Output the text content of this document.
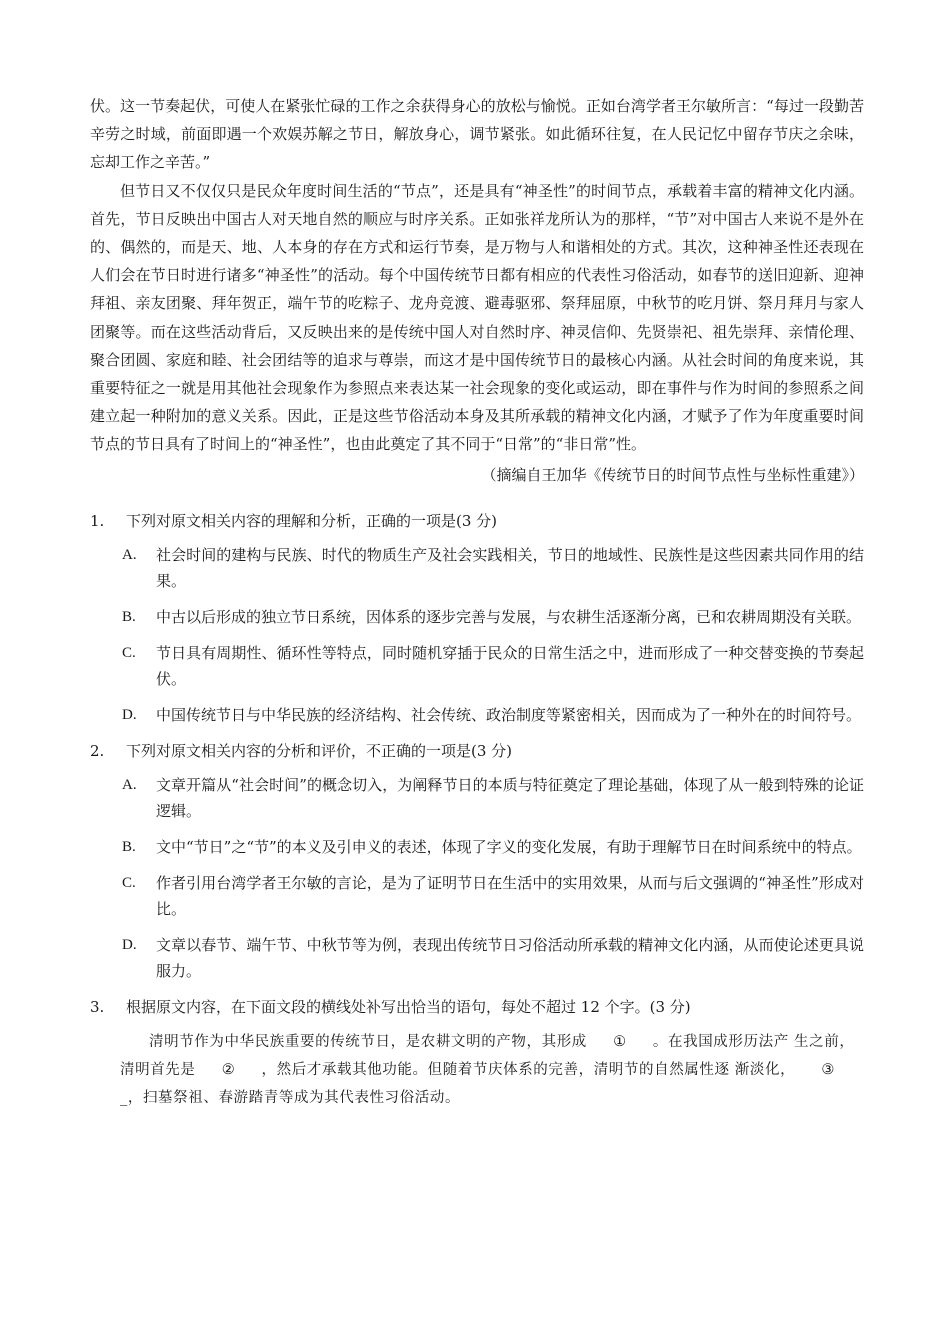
伏。这一节奏起伏，可使人在紧张忙碌的工作之余获得身心的放松与愉悦。正如台湾学者王尔敏所言：“每过一段勤苦辛劳之时域，前面即遇一个欢娱苏解之节日，解放身心，调节紧张。如此循环往复，在人民记忆中留存节庆之余味，忘却工作之辛苦。”

但节日又不仅仅只是民众年度时间生活的“节点”，还是具有“神圣性”的时间节点，承载着丰富的精神文化内涵。首先，节日反映出中国古人对天地自然的顺应与时序关系。正如张祥龙所认为的那样，“节”对中国古人来说不是外在的、偶然的，而是天、地、人本身的存在方式和运行节奏，是万物与人和谐相处的方式。其次，这种神圣性还表现在人们会在节日时进行诸多“神圣性”的活动。每个中国传统节日都有相应的代表性习俗活动，如春节的送旧迎新、迎神拜祖、亲友团聚、拜年贺正，端午节的吃粽子、龙舟竞渡、避毒驱邪、祭拜屈原，中秋节的吃月饼、祭月拜月与家人团聚等。而在这些活动背后，又反映出来的是传统中国人对自然时序、神灵信仰、先贤崇祀、祖先崇拜、亲情伦理、聚合团圆、家庭和睦、社会团结等的追求与尊崇，而这才是中国传统节日的最核心内涵。从社会时间的角度来说，其重要特征之一就是用其他社会现象作为参照点来表达某一社会现象的变化或运动，即在事件与作为时间的参照系之间建立起一种附加的意义关系。因此，正是这些节俗活动本身及其所承载的精神文化内涵，才赋予了作为年度重要时间节点的节日具有了时间上的“神圣性”，也由此奠定了其不同于“日常”的“非日常”性。

（摘编自王加华《传统节日的时间节点性与坐标性重建》）
1.	下列对原文相关内容的理解和分析，正确的一项是(3 分)
A.	社会时间的建构与民族、时代的物质生产及社会实践相关，节日的地域性、民族性是这些因素共同作用的结果。
B.	中古以后形成的独立节日系统，因体系的逐步完善与发展，与农耕生活逐渐分离，已和农耕周期没有关联。
C.	节日具有周期性、循环性等特点，同时随机穿插于民众的日常生活之中，进而形成了一种交替变换的节奏起伏。
D.	中国传统节日与中华民族的经济结构、社会传统、政治制度等紧密相关，因而成为了一种外在的时间符号。
2.	下列对原文相关内容的分析和评价，不正确的一项是(3 分)
A.	文章开篇从“社会时间”的概念切入，为阐释节日的本质与特征奠定了理论基础，体现了从一般到特殊的论证逻辑。
B.	文中“节日”之“节”的本义及引申义的表述，体现了字义的变化发展，有助于理解节日在时间系统中的特点。
C.	作者引用台湾学者王尔敏的言论，是为了证明节日在生活中的实用效果，从而与后文强调的“神圣性”形成对比。
D.	文章以春节、端午节、中秋节等为例，表现出传统节日习俗活动所承载的精神文化内涵，从而使论述更具说服力。
3.	根据原文内容，在下面文段的横线处补写出恰当的语句，每处不超过 12 个字。(3 分)
清明节作为中华民族重要的传统节日，是农耕文明的产物，其形成 ① 。在我国成形历法产 生之前，清明首先是 ② ，然后才承载其他功能。但随着节庆体系的完善，清明节的自然属性逐 渐淡化， ③_，扫墓祭祖、春游踏青等成为其代表性习俗活动。
